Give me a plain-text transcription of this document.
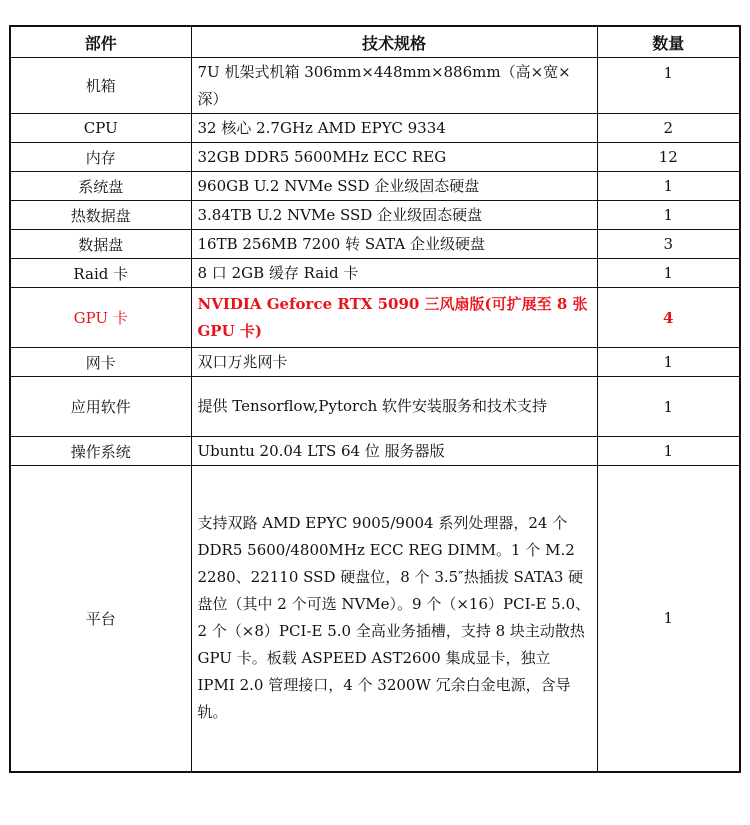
部件	技术规格	数量
机箱	7U 机架式机箱 306mm×448mm×886mm（高×宽×深）	1
CPU	32 核心 2.7GHz AMD EPYC 9334	2
内存	32GB DDR5 5600MHz ECC REG	12
系统盘	960GB U.2 NVMe SSD 企业级固态硬盘	1
热数据盘	3.84TB U.2 NVMe SSD 企业级固态硬盘	1
数据盘	16TB 256MB 7200 转 SATA 企业级硬盘	3
Raid 卡	8 口 2GB 缓存 Raid 卡	1
GPU 卡	NVIDIA Geforce RTX 5090 三风扇版(可扩展至 8 张 GPU 卡)	4
网卡	双口万兆网卡	1
应用软件	提供 Tensorflow,Pytorch 软件安装服务和技术支持	1
操作系统	Ubuntu 20.04 LTS 64 位 服务器版	1
平台	支持双路 AMD EPYC 9005/9004 系列处理器，24 个 DDR5 5600/4800MHz ECC REG DIMM。1 个 M.2 2280、22110 SSD 硬盘位，8 个 3.5″热插拔 SATA3 硬盘位（其中 2 个可选 NVMe）。9 个（×16）PCI-E 5.0、2 个（×8）PCI-E 5.0 全高业务插槽，支持 8 块主动散热 GPU 卡。板载 ASPEED AST2600 集成显卡，独立 IPMI 2.0 管理接口，4 个 3200W 冗余白金电源，含导轨。	1
